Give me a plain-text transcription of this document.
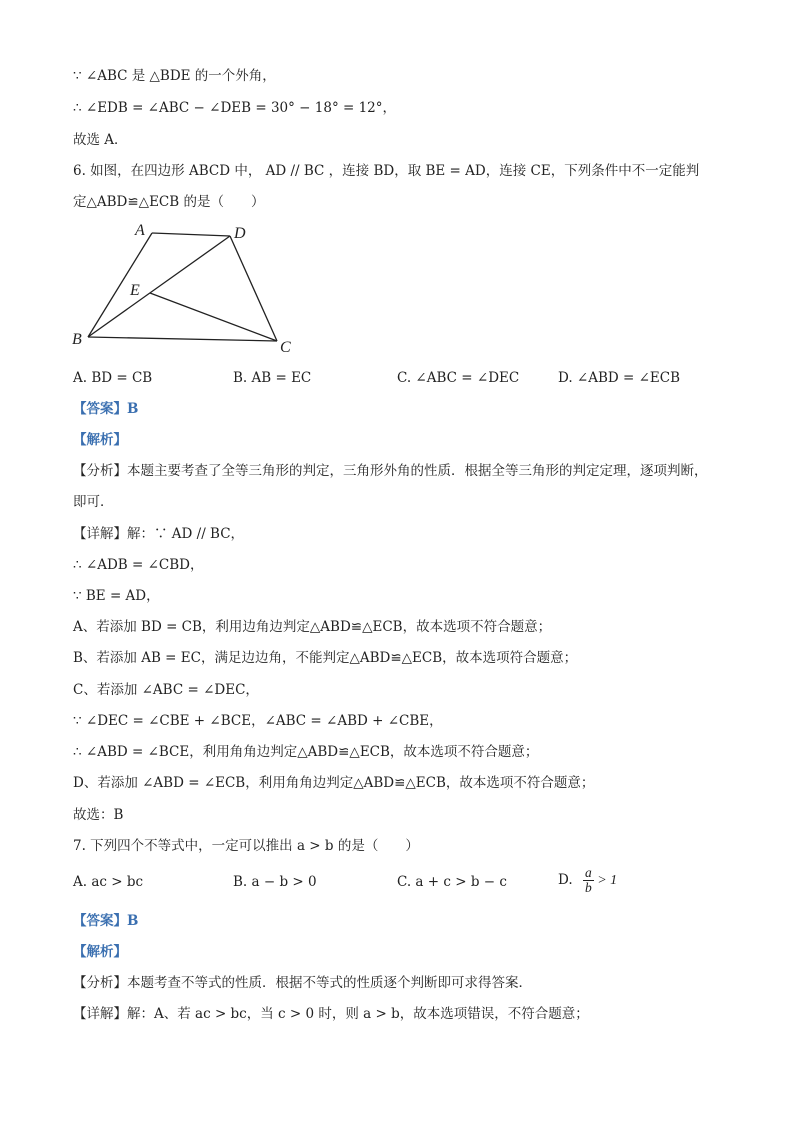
∵ ∠ABC 是 △BDE 的一个外角，
∴ ∠EDB = ∠ABC − ∠DEB = 30° − 18° = 12°，
故选 A．
6. 如图，在四边形 ABCD 中， AD // BC ，连接 BD，取 BE = AD，连接 CE，下列条件中不一定能判
定△ABD≌△ECB 的是（　　）
A	D
E
B	C
A. BD = CB	B. AB = EC	C. ∠ABC = ∠DEC	D. ∠ABD = ∠ECB
【答案】B
【解析】
【分析】本题主要考查了全等三角形的判定，三角形外角的性质．根据全等三角形的判定定理，逐项判断，
即可．
【详解】解：∵ AD // BC，
∴ ∠ADB = ∠CBD，
∵ BE = AD，
A、若添加 BD = CB，利用边角边判定△ABD≌△ECB，故本选项不符合题意；
B、若添加 AB = EC，满足边边角，不能判定△ABD≌△ECB，故本选项符合题意；
C、若添加 ∠ABC = ∠DEC，
∵ ∠DEC = ∠CBE + ∠BCE，∠ABC = ∠ABD + ∠CBE，
∴ ∠ABD = ∠BCE，利用角角边判定△ABD≌△ECB，故本选项不符合题意；
D、若添加 ∠ABD = ∠ECB，利用角角边判定△ABD≌△ECB，故本选项不符合题意；
故选：B
7. 下列四个不等式中，一定可以推出 a > b 的是（　　）
A. ac > bc	B. a − b > 0	C. a + c > b − c	D. $\frac{a}{b} > 1$
【答案】B
【解析】
【分析】本题考查不等式的性质．根据不等式的性质逐个判断即可求得答案．
【详解】解：A、若 ac > bc，当 c > 0 时，则 a > b，故本选项错误，不符合题意；
